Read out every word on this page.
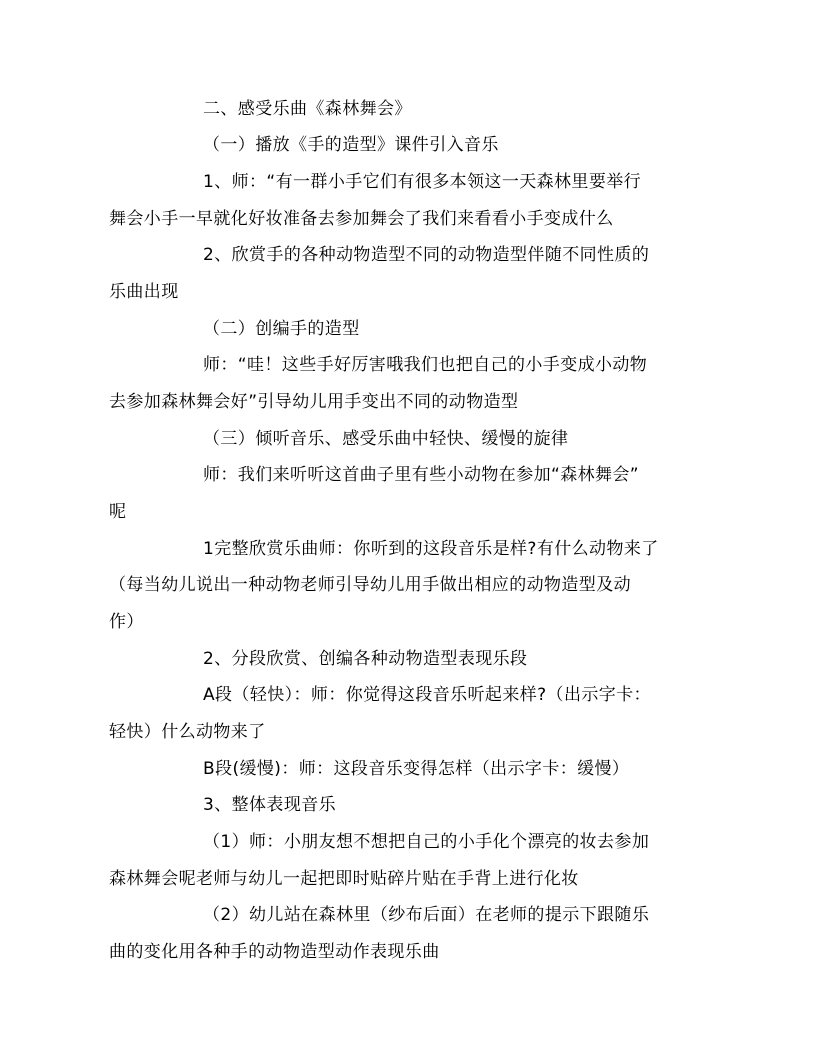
二、感受乐曲《森林舞会》
（一）播放《手的造型》课件引入音乐
1、师：“有一群小手它们有很多本领这一天森林里要举行
舞会小手一早就化好妆准备去参加舞会了我们来看看小手变成什么
2、欣赏手的各种动物造型不同的动物造型伴随不同性质的
乐曲出现
（二）创编手的造型
师：“哇！这些手好厉害哦我们也把自己的小手变成小动物
去参加森林舞会好”引导幼儿用手变出不同的动物造型
（三）倾听音乐、感受乐曲中轻快、缓慢的旋律
师：我们来听听这首曲子里有些小动物在参加“森林舞会”
呢
1完整欣赏乐曲师：你听到的这段音乐是样?有什么动物来了
（每当幼儿说出一种动物老师引导幼儿用手做出相应的动物造型及动
作）
2、分段欣赏、创编各种动物造型表现乐段
A段（轻快）：师：你觉得这段音乐听起来样?（出示字卡：
轻快）什么动物来了
B段(缓慢)：师：这段音乐变得怎样（出示字卡：缓慢）
3、整体表现音乐
（1）师：小朋友想不想把自己的小手化个漂亮的妆去参加
森林舞会呢老师与幼儿一起把即时贴碎片贴在手背上进行化妆
（2）幼儿站在森林里（纱布后面）在老师的提示下跟随乐
曲的变化用各种手的动物造型动作表现乐曲
